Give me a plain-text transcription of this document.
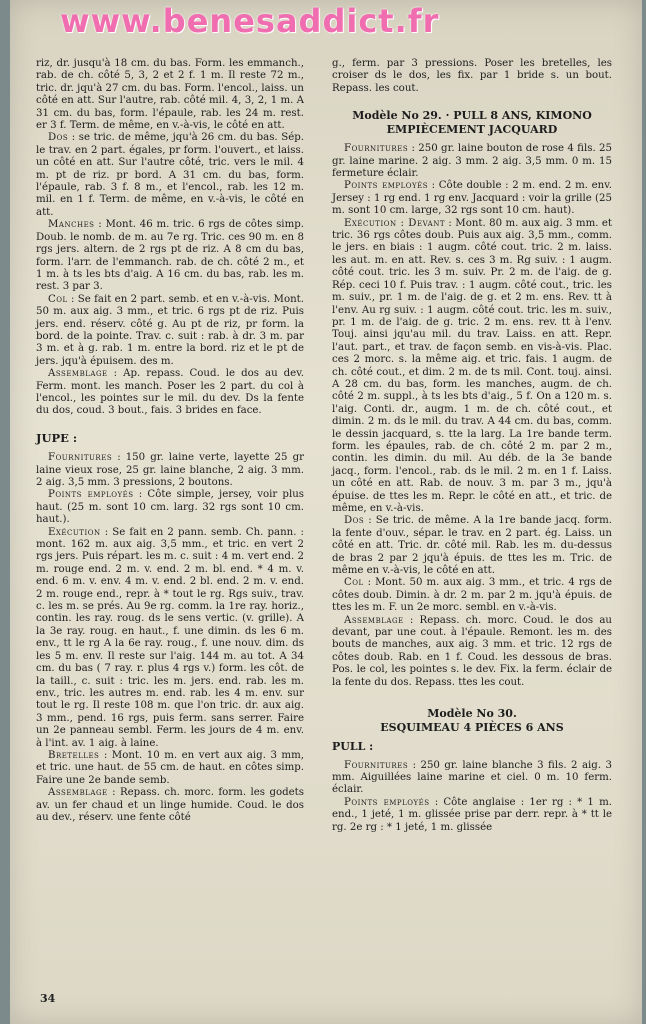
www.benesaddict.fr

riz, dr. jusqu'à 18 cm. du bas. Form. les emmanch., rab. de ch. côté 5, 3, 2 et 2 f. 1 m. Il reste 72 m., tric. dr. jqu'à 27 cm. du bas. Form. l'encol., laiss. un côté en att. Sur l'autre, rab. côté mil. 4, 3, 2, 1 m. A 31 cm. du bas, form. l'épaule, rab. les 24 m. rest. er 3 f. Term. de même, en v.-à-vis, le côté en att.

Dos : se tric. de même, jqu'à 26 cm. du bas. Sép. le trav. en 2 part. égales, pr form. l'ouvert., et laiss. un côté en att. Sur l'autre côté, tric. vers le mil. 4 m. pt de riz. pr bord. A 31 cm. du bas, form. l'épaule, rab. 3 f. 8 m., et l'encol., rab. les 12 m. mil. en 1 f. Term. de même, en v.-à-vis, le côté en att.

Manches : Mont. 46 m. tric. 6 rgs de côtes simp. Doub. le nomb. de m. au 7e rg. Tric. ces 90 m. en 8 rgs jers. altern. de 2 rgs pt de riz. A 8 cm du bas, form. l'arr. de l'emmanch. rab. de ch. côté 2 m., et 1 m. à ts les bts d'aig. A 16 cm. du bas, rab. les m. rest. 3 par 3.

Col : Se fait en 2 part. semb. et en v.-à-vis. Mont. 50 m. aux aig. 3 mm., et tric. 6 rgs pt de riz. Puis jers. end. réserv. côté g. Au pt de riz, pr form. la bord. de la pointe. Trav. c. suit : rab. à dr. 3 m. par 3 m. et à g. rab. 1 m. entre la bord. riz et le pt de jers. jqu'à épuisem. des m.

Assemblage : Ap. repass. Coud. le dos au dev. Ferm. mont. les manch. Poser les 2 part. du col à l'encol., les pointes sur le mil. du dev. Ds la fente du dos, coud. 3 bout., fais. 3 brides en face.

JUPE :

Fournitures : 150 gr. laine verte, layette 25 gr laine vieux rose, 25 gr. laine blanche, 2 aig. 3 mm. 2 aig. 3,5 mm. 3 pressions, 2 boutons.

Points employés : Côte simple, jersey, voir plus haut. (25 m. sont 10 cm. larg. 32 rgs sont 10 cm. haut.).

Exécution : Se fait en 2 pann. semb. Ch. pann. : mont. 162 m. aux aig. 3,5 mm., et tric. en vert 2 rgs jers. Puis répart. les m. c. suit : 4 m. vert end. 2 m. rouge end. 2 m. v. end. 2 m. bl. end. * 4 m. v. end. 6 m. v. env. 4 m. v. end. 2 bl. end. 2 m. v. end. 2 m. rouge end., repr. à * tout le rg. Rgs suiv., trav. c. les m. se prés. Au 9e rg. comm. la 1re ray. horiz., contin. les ray. roug. ds le sens vertic. (v. grille). A la 3e ray. roug. en haut., f. une dimin. ds les 6 m. env., tt le rg A la 6e ray. roug., f. une nouv. dim. ds les 5 m. env. Il reste sur l'aig. 144 m. au tot. A 34 cm. du bas ( 7 ray. r. plus 4 rgs v.) form. les côt. de la taill., c. suit : tric. les m. jers. end. rab. les m. env., tric. les autres m. end. rab. les 4 m. env. sur tout le rg. Il reste 108 m. que l'on tric. dr. aux aig. 3 mm., pend. 16 rgs, puis ferm. sans serrer. Faire un 2e panneau sembl. Ferm. les jours de 4 m. env. à l'int. av. 1 aig. à laine.

Bretelles : Mont. 10 m. en vert aux aig. 3 mm, et tric. une haut. de 55 cm. de haut. en côtes simp. Faire une 2e bande semb.

Assemblage : Repass. ch. morc. form. les godets av. un fer chaud et un linge humide. Coud. le dos au dev., réserv. une fente côté

g., ferm. par 3 pressions. Poser les bretelles, les croiser ds le dos, les fix. par 1 bride s. un bout. Repass. les cout.

Modèle No 29. · PULL 8 ANS, KIMONO
EMPIÈCEMENT JACQUARD

Fournitures : 250 gr. laine bouton de rose 4 fils. 25 gr. laine marine. 2 aig. 3 mm. 2 aig. 3,5 mm. 0 m. 15 fermeture éclair.

Points employés : Côte double : 2 m. end. 2 m. env. Jersey : 1 rg end. 1 rg env. Jacquard : voir la grille (25 m. sont 10 cm. large, 32 rgs sont 10 cm. haut).

Exécution : Devant : Mont. 80 m. aux aig. 3 mm. et tric. 36 rgs côtes doub. Puis aux aig. 3,5 mm., comm. le jers. en biais : 1 augm. côté cout. tric. 2 m. laiss. les aut. m. en att. Rev. s. ces 3 m. Rg suiv. : 1 augm. côté cout. tric. les 3 m. suiv. Pr. 2 m. de l'aig. de g. Rép. ceci 10 f. Puis trav. : 1 augm. côté cout., tric. les m. suiv., pr. 1 m. de l'aig. de g. et 2 m. ens. Rev. tt à l'env. Au rg suiv. : 1 augm. côté cout. tric. les m. suiv., pr. 1 m. de l'aig. de g. tric. 2 m. ens. rev. tt à l'env. Touj. ainsi jqu'au mil. du trav. Laiss. en att. Repr. l'aut. part., et trav. de façon semb. en vis-à-vis. Plac. ces 2 morc. s. la même aig. et tric. fais. 1 augm. de ch. côté cout., et dim. 2 m. de ts mil. Cont. touj. ainsi. A 28 cm. du bas, form. les manches, augm. de ch. côté 2 m. suppl., à ts les bts d'aig., 5 f. On a 120 m. s. l'aig. Conti. dr., augm. 1 m. de ch. côté cout., et dimin. 2 m. ds le mil. du trav. A 44 cm. du bas, comm. le dessin jacquard, s. tte la larg. La 1re bande term. form. les épaules, rab. de ch. côté 2 m. par 2 m., contin. les dimin. du mil. Au déb. de la 3e bande jacq., form. l'encol., rab. ds le mil. 2 m. en 1 f. Laiss. un côté en att. Rab. de nouv. 3 m. par 3 m., jqu'à épuise. de ttes les m. Repr. le côté en att., et tric. de même, en v.-à-vis.

Dos : Se tric. de même. A la 1re bande jacq. form. la fente d'ouv., sépar. le trav. en 2 part. ég. Laiss. un côté en att. Tric. dr. côté mil. Rab. les m. du-dessus de bras 2 par 2 jqu'à épuis. de ttes les m. Tric. de même en v.-à-vis, le côté en att.

Col : Mont. 50 m. aux aig. 3 mm., et tric. 4 rgs de côtes doub. Dimin. à dr. 2 m. par 2 m. jqu'à épuis. de ttes les m. F. un 2e morc. sembl. en v.-à-vis.

Assemblage : Repass. ch. morc. Coud. le dos au devant, par une cout. à l'épaule. Remont. les m. des bouts de manches, aux aig. 3 mm. et tric. 12 rgs de côtes doub. Rab. en 1 f. Coud. les dessous de bras. Pos. le col, les pointes s. le dev. Fix. la ferm. éclair de la fente du dos. Repass. ttes les cout.

Modèle No 30.
ESQUIMEAU 4 PIÈCES 6 ANS
PULL :

Fournitures : 250 gr. laine blanche 3 fils. 2 aig. 3 mm. Aiguillées laine marine et ciel. 0 m. 10 ferm. éclair.

Points employés : Côte anglaise : 1er rg : * 1 m. end., 1 jeté, 1 m. glissée prise par derr. repr. à * tt le rg. 2e rg : * 1 jeté, 1 m. glissée

34
